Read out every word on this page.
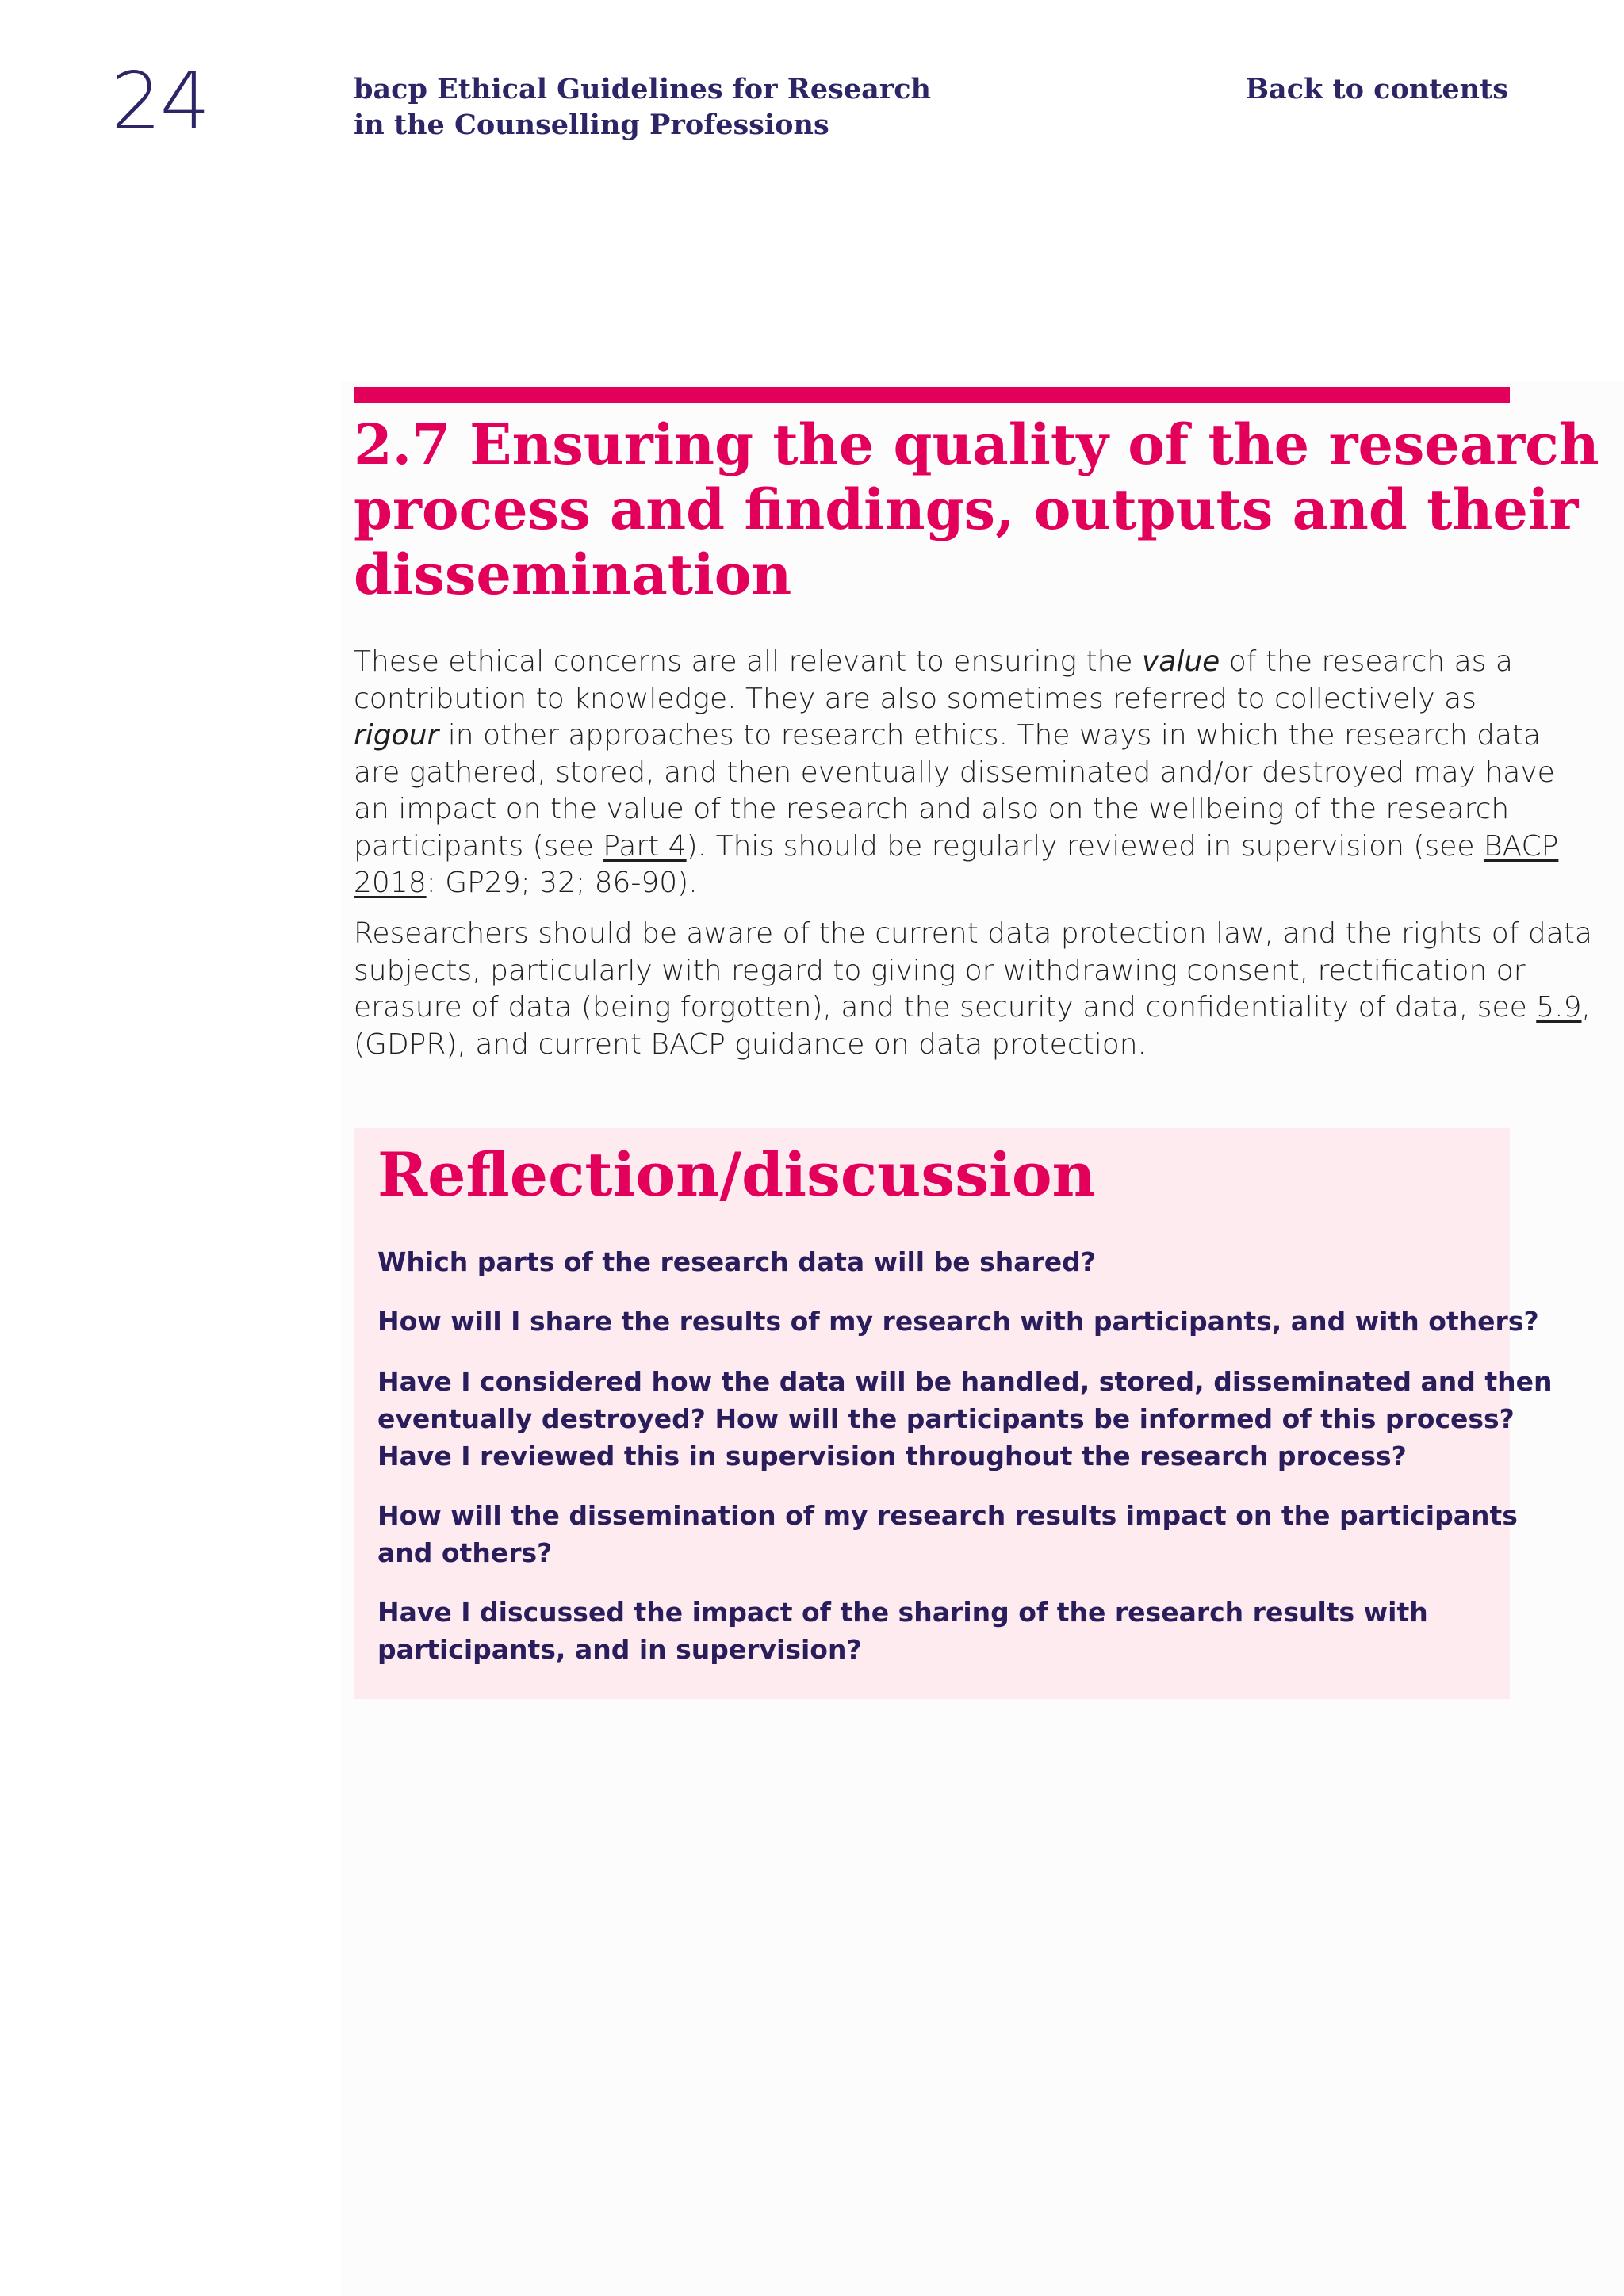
24	bacp Ethical Guidelines for Research
in the Counselling Professions
Back to contents
2.7 Ensuring the quality of the research
process and findings, outputs and their
dissemination
These ethical concerns are all relevant to ensuring the value of the research as a
contribution to knowledge. They are also sometimes referred to collectively as
rigour in other approaches to research ethics. The ways in which the research data
are gathered, stored, and then eventually disseminated and/or destroyed may have
an impact on the value of the research and also on the wellbeing of the research
participants (see Part 4). This should be regularly reviewed in supervision (see BACP
2018: GP29; 32; 86-90).
Researchers should be aware of the current data protection law, and the rights of data
subjects, particularly with regard to giving or withdrawing consent, rectification or
erasure of data (being forgotten), and the security and confidentiality of data, see 5.9,
(GDPR), and current BACP guidance on data protection.
Reflection/discussion
Which parts of the research data will be shared?
How will I share the results of my research with participants, and with others?
Have I considered how the data will be handled, stored, disseminated and then
eventually destroyed? How will the participants be informed of this process?
Have I reviewed this in supervision throughout the research process?
How will the dissemination of my research results impact on the participants
and others?
Have I discussed the impact of the sharing of the research results with
participants, and in supervision?
